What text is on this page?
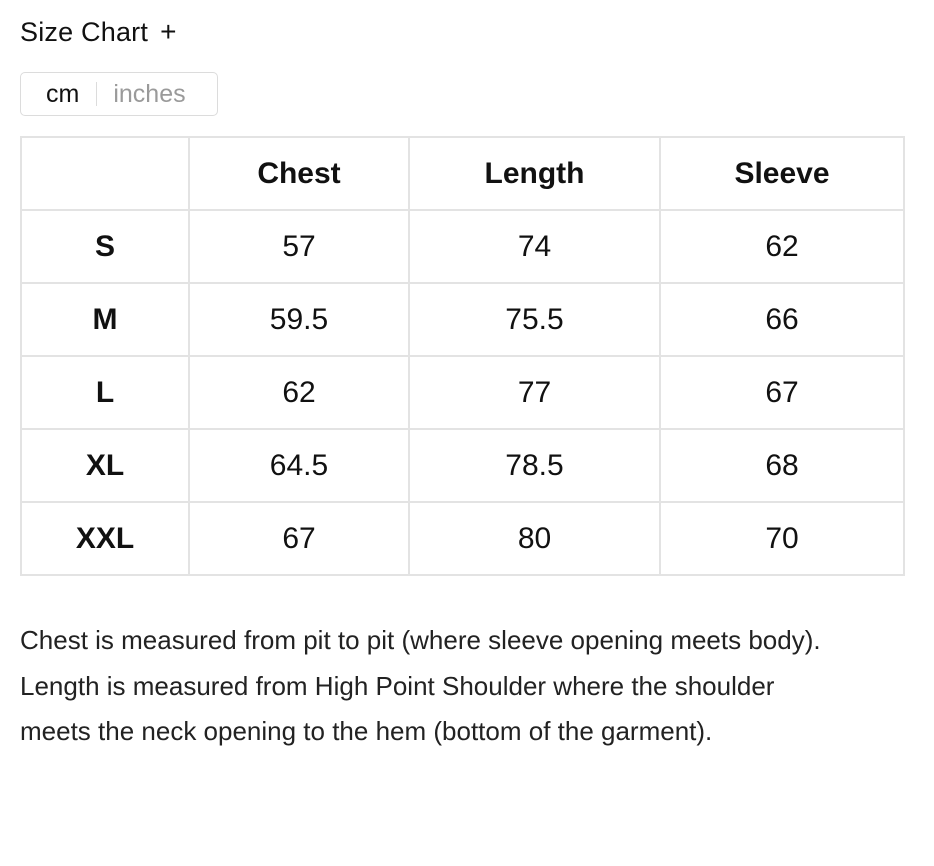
Size Chart +
cm inches
	Chest	Length	Sleeve
S	57	74	62
M	59.5	75.5	66
L	62	77	67
XL	64.5	78.5	68
XXL	67	80	70

Chest is measured from pit to pit (where sleeve opening meets body). Length is measured from High Point Shoulder where the shoulder meets the neck opening to the hem (bottom of the garment).
